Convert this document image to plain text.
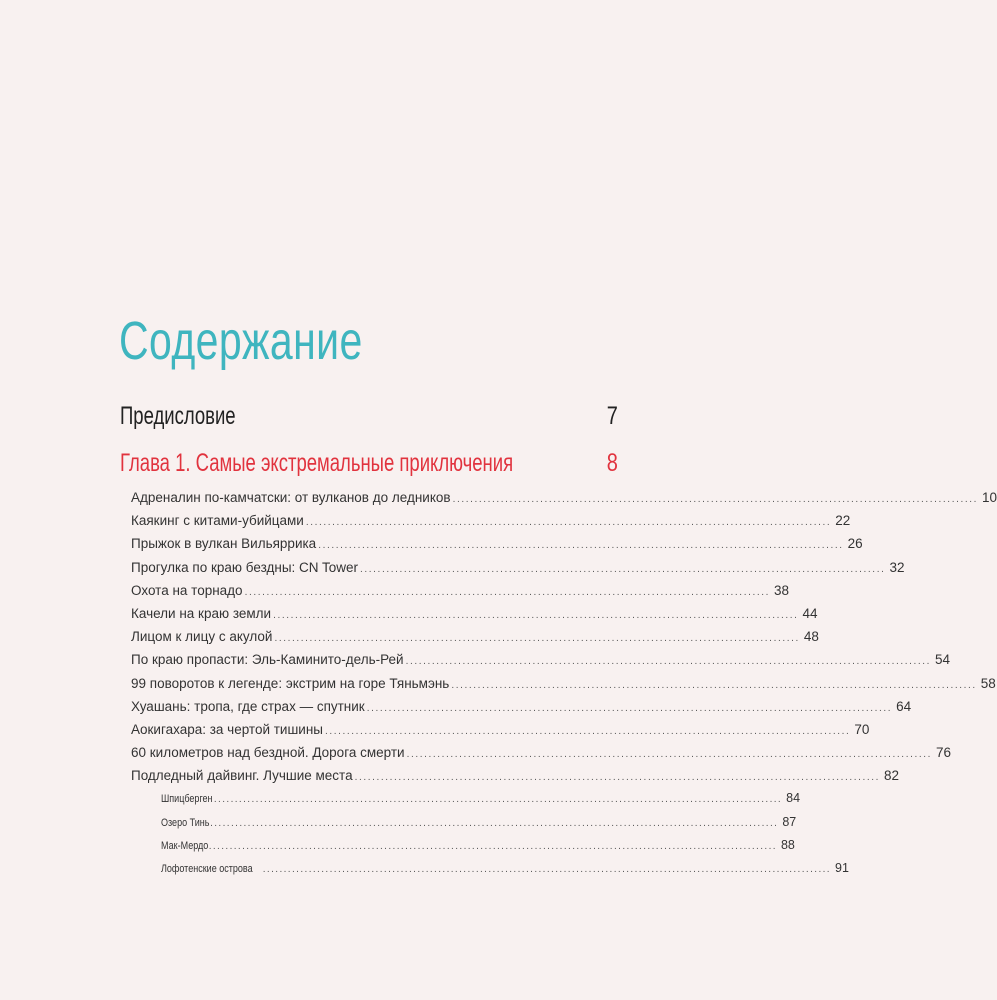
Содержание
Предисловие	7
Глава 1. Самые экстремальные приключения	8
Адреналин по-камчатски: от вулканов до ледников ........................................................................................................................ 10
Каякинг с китами-убийцами ........................................................................................................................ 22
Прыжок в вулкан Вильяррика ........................................................................................................................ 26
Прогулка по краю бездны: CN Tower ........................................................................................................................ 32
Охота на торнадо ........................................................................................................................ 38
Качели на краю земли ........................................................................................................................ 44
Лицом к лицу с акулой ........................................................................................................................ 48
По краю пропасти: Эль-Каминито-дель-Рей ........................................................................................................................ 54
99 поворотов к легенде: экстрим на горе Тяньмэнь ........................................................................................................................ 58
Хуашань: тропа, где страх — спутник ........................................................................................................................ 64
Аокигахара: за чертой тишины ........................................................................................................................ 70
60 километров над бездной. Дорога смерти ........................................................................................................................ 76
Подледный дайвинг. Лучшие места ........................................................................................................................ 82
Шпицберген ........................................................................................................................................ 84
Озеро Тинь ........................................................................................................................................ 87
Мак-Мердо ........................................................................................................................................ 88
Лофотенские острова ........................................................................................................................................ 91
